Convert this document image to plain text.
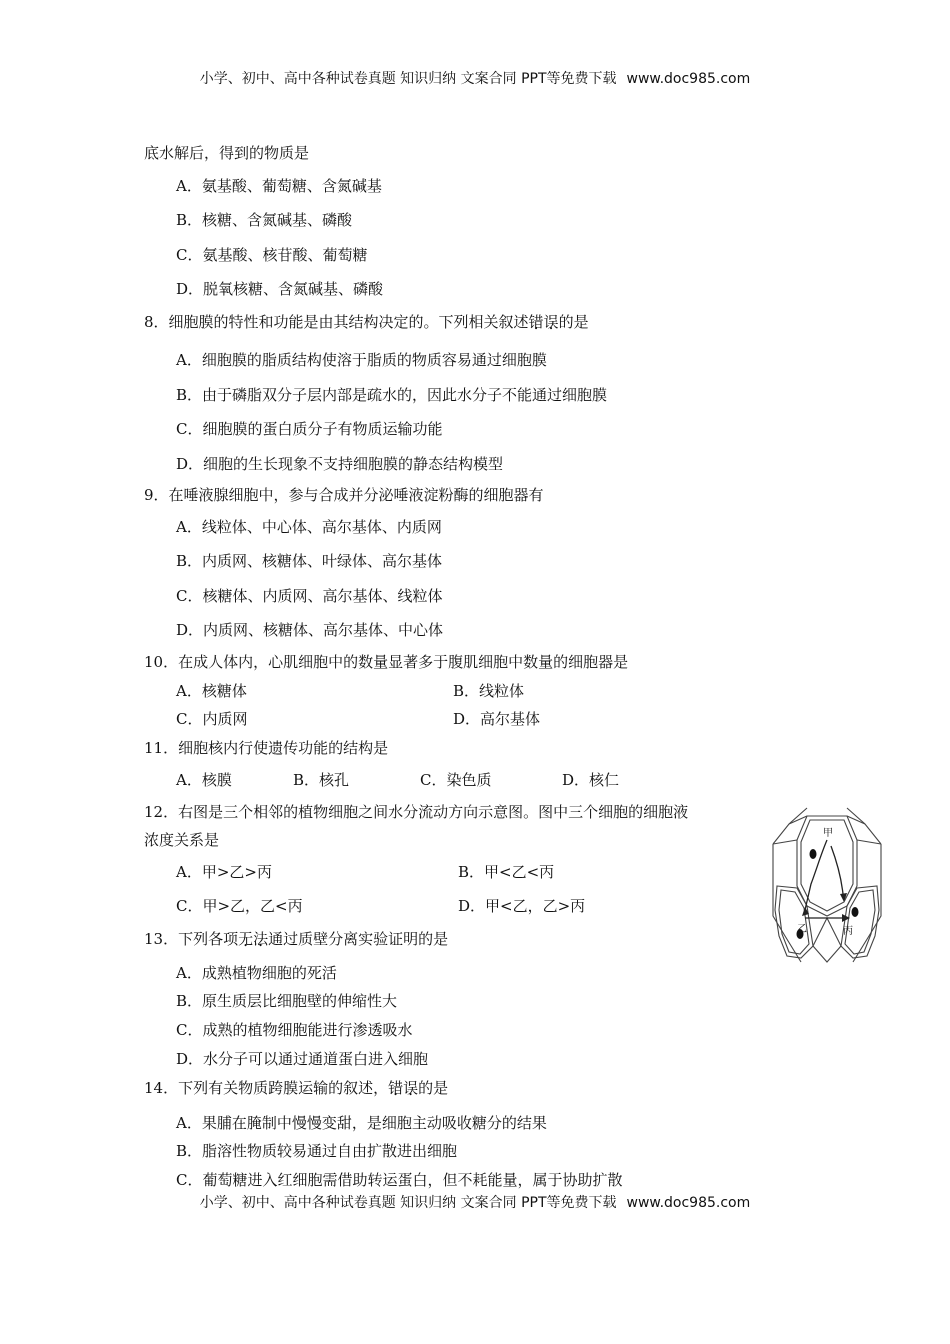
小学、初中、高中各种试卷真题 知识归纳 文案合同 PPT等免费下载 www.doc985.com
底水解后，得到的物质是
A．氨基酸、葡萄糖、含氮碱基
B．核糖、含氮碱基、磷酸
C．氨基酸、核苷酸、葡萄糖
D．脱氧核糖、含氮碱基、磷酸
8．细胞膜的特性和功能是由其结构决定的。下列相关叙述错误的是
A．细胞膜的脂质结构使溶于脂质的物质容易通过细胞膜
B．由于磷脂双分子层内部是疏水的，因此水分子不能通过细胞膜
C．细胞膜的蛋白质分子有物质运输功能
D．细胞的生长现象不支持细胞膜的静态结构模型
9．在唾液腺细胞中，参与合成并分泌唾液淀粉酶的细胞器有
A．线粒体、中心体、高尔基体、内质网
B．内质网、核糖体、叶绿体、高尔基体
C．核糖体、内质网、高尔基体、线粒体
D．内质网、核糖体、高尔基体、中心体
10．在成人体内，心肌细胞中的数量显著多于腹肌细胞中数量的细胞器是
A．核糖体	B．线粒体
C．内质网	D．高尔基体
11．细胞核内行使遗传功能的结构是
A．核膜	B．核孔	C．染色质	D．核仁
12．右图是三个相邻的植物细胞之间水分流动方向示意图。图中三个细胞的细胞液
浓度关系是
A．甲>乙>丙	B．甲<乙<丙
C．甲>乙，乙<丙	D．甲<乙，乙>丙
甲
乙	丙
13．下列各项无法通过质壁分离实验证明的是
A．成熟植物细胞的死活
B．原生质层比细胞壁的伸缩性大
C．成熟的植物细胞能进行渗透吸水
D．水分子可以通过通道蛋白进入细胞
14．下列有关物质跨膜运输的叙述，错误的是
A．果脯在腌制中慢慢变甜，是细胞主动吸收糖分的结果
B．脂溶性物质较易通过自由扩散进出细胞
C．葡萄糖进入红细胞需借助转运蛋白，但不耗能量，属于协助扩散
小学、初中、高中各种试卷真题 知识归纳 文案合同 PPT等免费下载 www.doc985.com
